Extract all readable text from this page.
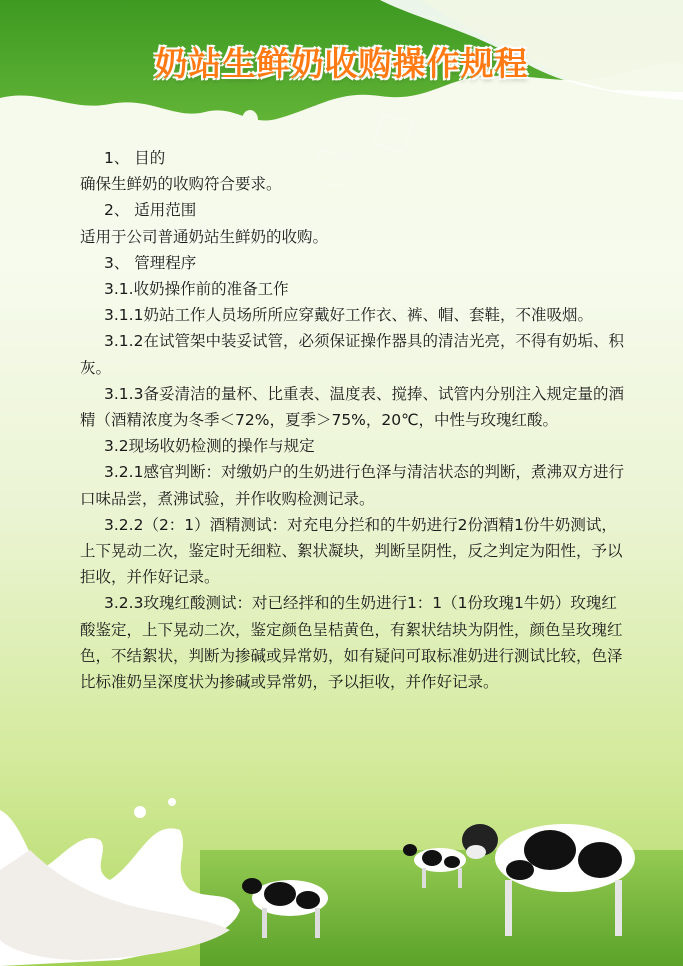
奶站生鲜奶收购操作规程

1、 目的

确保生鲜奶的收购符合要求。

2、 适用范围

适用于公司普通奶站生鲜奶的收购。

3、 管理程序

3.1.收奶操作前的准备工作

3.1.1奶站工作人员场所所应穿戴好工作衣、裤、帽、套鞋，不准吸烟。

3.1.2在试管架中装妥试管，必须保证操作器具的清洁光亮，不得有奶垢、积灰。

3.1.3备妥清洁的量杯、比重表、温度表、搅捧、试管内分别注入规定量的酒精（酒精浓度为冬季＜72%，夏季＞75%，20℃，中性与玫瑰红酸。

3.2现场收奶检测的操作与规定

3.2.1感官判断：对缴奶户的生奶进行色泽与清洁状态的判断，煮沸双方进行口味品尝，煮沸试验，并作收购检测记录。

3.2.2（2：1）酒精测试：对充电分拦和的牛奶进行2份酒精1份牛奶测试，上下晃动二次，鉴定时无细粒、絮状凝块，判断呈阴性，反之判定为阳性，予以拒收，并作好记录。

3.2.3玫瑰红酸测试：对已经拌和的生奶进行1：1（1份玫瑰1牛奶）玫瑰红酸鉴定，上下晃动二次，鉴定颜色呈桔黄色，有絮状结块为阴性，颜色呈玫瑰红色，不结絮状，判断为掺碱或异常奶，如有疑问可取标准奶进行测试比较，色泽比标准奶呈深度状为掺碱或异常奶，予以拒收，并作好记录。
